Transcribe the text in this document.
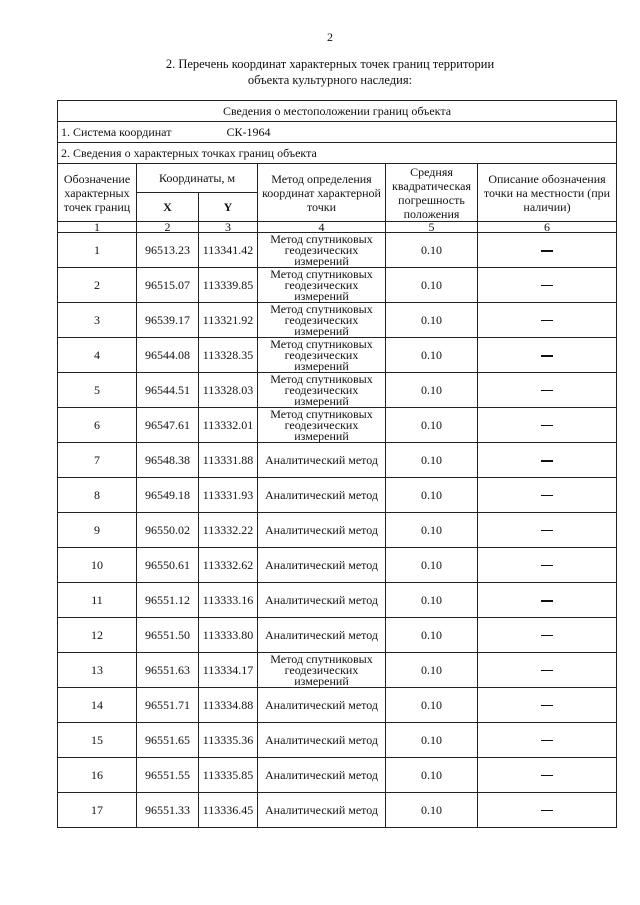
2
2. Перечень координат характерных точек границ территории
объекта культурного наследия:
Сведения о местоположении границ объекта					
1. Система координат СК-1964					
2. Сведения о характерных точках границ объекта					
Обозначение характерных точек границ	Координаты, м		Метод определения координат характерной точки	Средняя квадратическая погрешность положения	Описание обозначения точки на местности (при наличии)
	X	Y			
1	2	3	4	5	6
1	96513.23	113341.42	Метод спутниковых геодезических измерений	0.10	
2	96515.07	113339.85	Метод спутниковых геодезических измерений	0.10	
3	96539.17	113321.92	Метод спутниковых геодезических измерений	0.10	
4	96544.08	113328.35	Метод спутниковых геодезических измерений	0.10	
5	96544.51	113328.03	Метод спутниковых геодезических измерений	0.10	
6	96547.61	113332.01	Метод спутниковых геодезических измерений	0.10	
7	96548.38	113331.88	Аналитический метод	0.10	
8	96549.18	113331.93	Аналитический метод	0.10	
9	96550.02	113332.22	Аналитический метод	0.10	
10	96550.61	113332.62	Аналитический метод	0.10	
11	96551.12	113333.16	Аналитический метод	0.10	
12	96551.50	113333.80	Аналитический метод	0.10	
13	96551.63	113334.17	Метод спутниковых геодезических измерений	0.10	
14	96551.71	113334.88	Аналитический метод	0.10	
15	96551.65	113335.36	Аналитический метод	0.10	
16	96551.55	113335.85	Аналитический метод	0.10	
17	96551.33	113336.45	Аналитический метод	0.10	
